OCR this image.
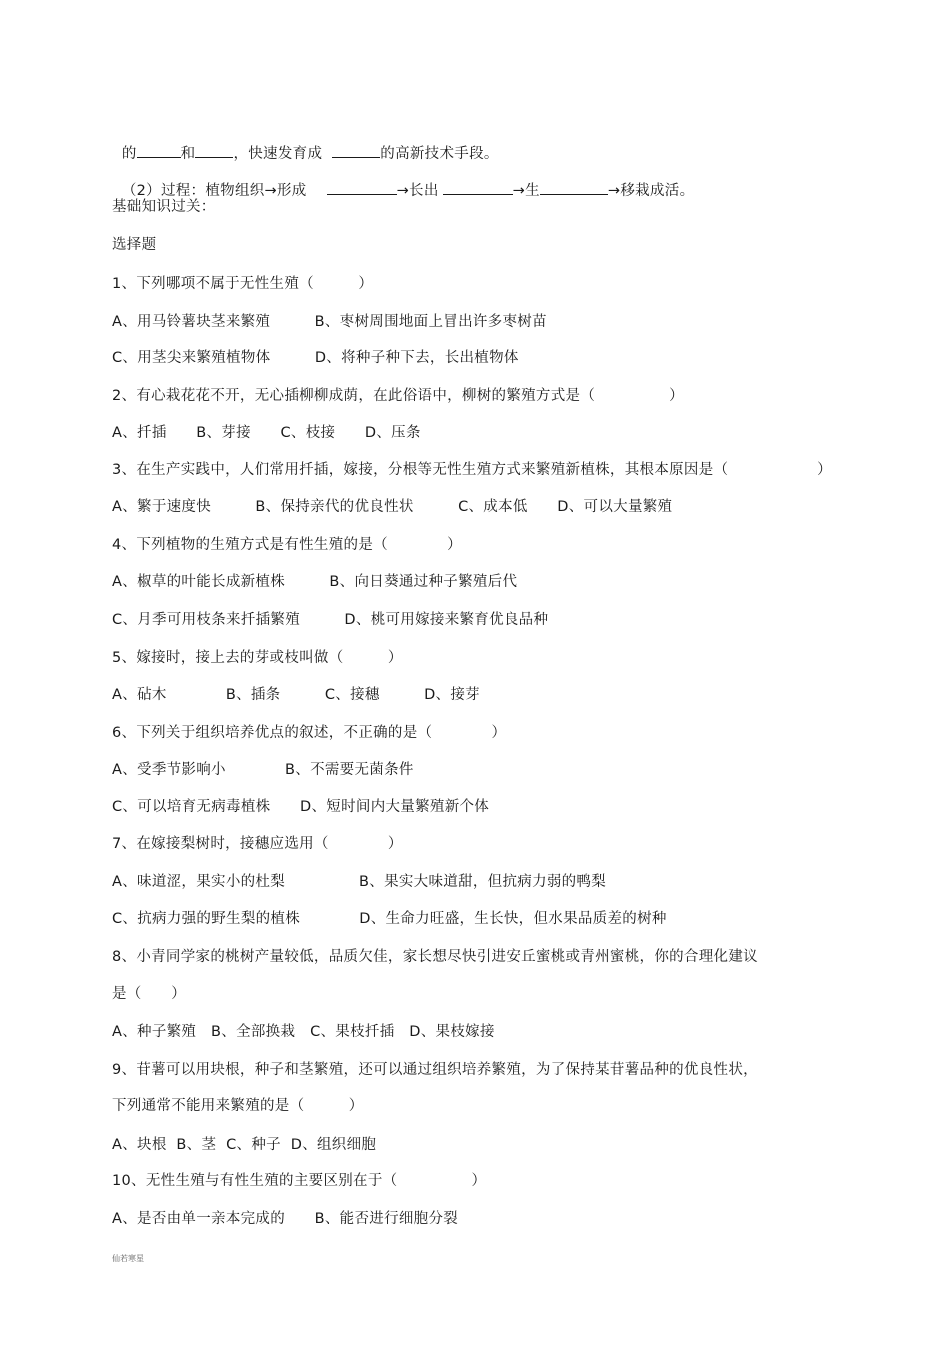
的	和	，快速发育成	的高新技术手段。

（2）过程：植物组织→形成	→长出	→生	→移栽成活。

基础知识过关：
选择题
1、下列哪项不属于无性生殖（　　　）
A、用马铃薯块茎来繁殖　　　B、枣树周围地面上冒出许多枣树苗
C、用茎尖来繁殖植物体　　　D、将种子种下去，长出植物体
2、有心栽花花不开，无心插柳柳成荫，在此俗语中，柳树的繁殖方式是（　　　　　）
A、扦插　　B、芽接　　C、枝接　　D、压条
3、在生产实践中，人们常用扦插，嫁接，分根等无性生殖方式来繁殖新植株，其根本原因是（　　　　　　）
A、繁于速度快　　　B、保持亲代的优良性状　　　C、成本低　　D、可以大量繁殖
4、下列植物的生殖方式是有性生殖的是（　　　　）
A、椒草的叶能长成新植株　　　B、向日葵通过种子繁殖后代
C、月季可用枝条来扦插繁殖　　　D、桃可用嫁接来繁育优良品种
5、嫁接时，接上去的芽或枝叫做（　　　）
A、砧木　　　　B、插条　　　C、接穗　　　D、接芽
6、下列关于组织培养优点的叙述，不正确的是（　　　　）
A、受季节影响小　　　　B、不需要无菌条件
C、可以培育无病毒植株　　D、短时间内大量繁殖新个体
7、在嫁接梨树时，接穗应选用（　　　　）
A、味道涩，果实小的杜梨　　　　　B、果实大味道甜，但抗病力弱的鸭梨
C、抗病力强的野生梨的植株　　　　D、生命力旺盛，生长快，但水果品质差的树种
8、小青同学家的桃树产量较低，品质欠佳，家长想尽快引进安丘蜜桃或青州蜜桃，你的合理化建议
是（　　）
A、种子繁殖　B、全部换栽　C、果枝扦插　D、果枝嫁接
9、苷薯可以用块根，种子和茎繁殖，还可以通过组织培养繁殖，为了保持某苷薯品种的优良性状，
下列通常不能用来繁殖的是（　　　）
A、块根  B、茎  C、种子  D、组织细胞
10、无性生殖与有性生殖的主要区别在于（　　　　　）
A、是否由单一亲本完成的　　B、能否进行细胞分裂
仙若寒星
